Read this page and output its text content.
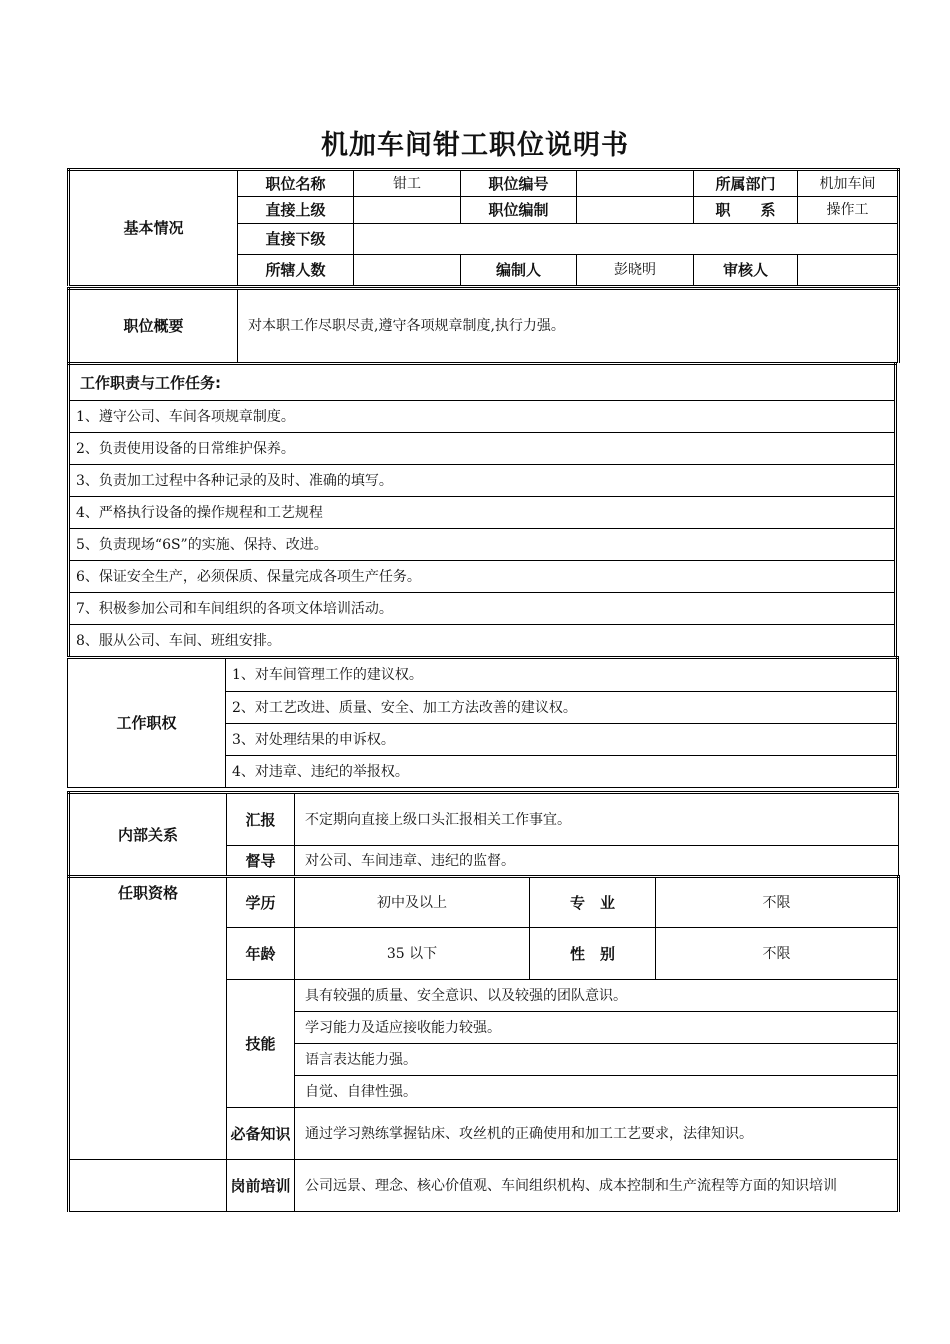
机加车间钳工职位说明书
基本情况	职位名称	钳工	职位编号		所属部门	机加车间
	直接上级		职位编制		职　　系	操作工
	直接下级					
	所辖人数		编制人	彭晓明	审核人	
职位概要	对本职工作尽职尽责,遵守各项规章制度,执行力强。
工作职责与工作任务:
1、遵守公司、车间各项规章制度。
2、负责使用设备的日常维护保养。
3、负责加工过程中各种记录的及时、准确的填写。
4、严格执行设备的操作规程和工艺规程
5、负责现场“6S”的实施、保持、改进。
6、保证安全生产，必须保质、保量完成各项生产任务。
7、积极参加公司和车间组织的各项文体培训活动。
8、服从公司、车间、班组安排。
工作职权	1、对车间管理工作的建议权。
2、对工艺改进、质量、安全、加工方法改善的建议权。
3、对处理结果的申诉权。
4、对违章、违纪的举报权。
内部关系	汇报	不定期向直接上级口头汇报相关工作事宜。
	督导	对公司、车间违章、违纪的监督。
任职资格	学历	初中及以上	专　业	不限
	年龄	35 以下	性　别	不限
	技能	具有较强的质量、安全意识、以及较强的团队意识。		
		学习能力及适应接收能力较强。		
		语言表达能力强。		
		自觉、自律性强。		
	必备知识	通过学习熟练掌握钻床、攻丝机的正确使用和加工工艺要求，法律知识。		
	岗前培训	公司远景、理念、核心价值观、车间组织机构、成本控制和生产流程等方面的知识培训		
